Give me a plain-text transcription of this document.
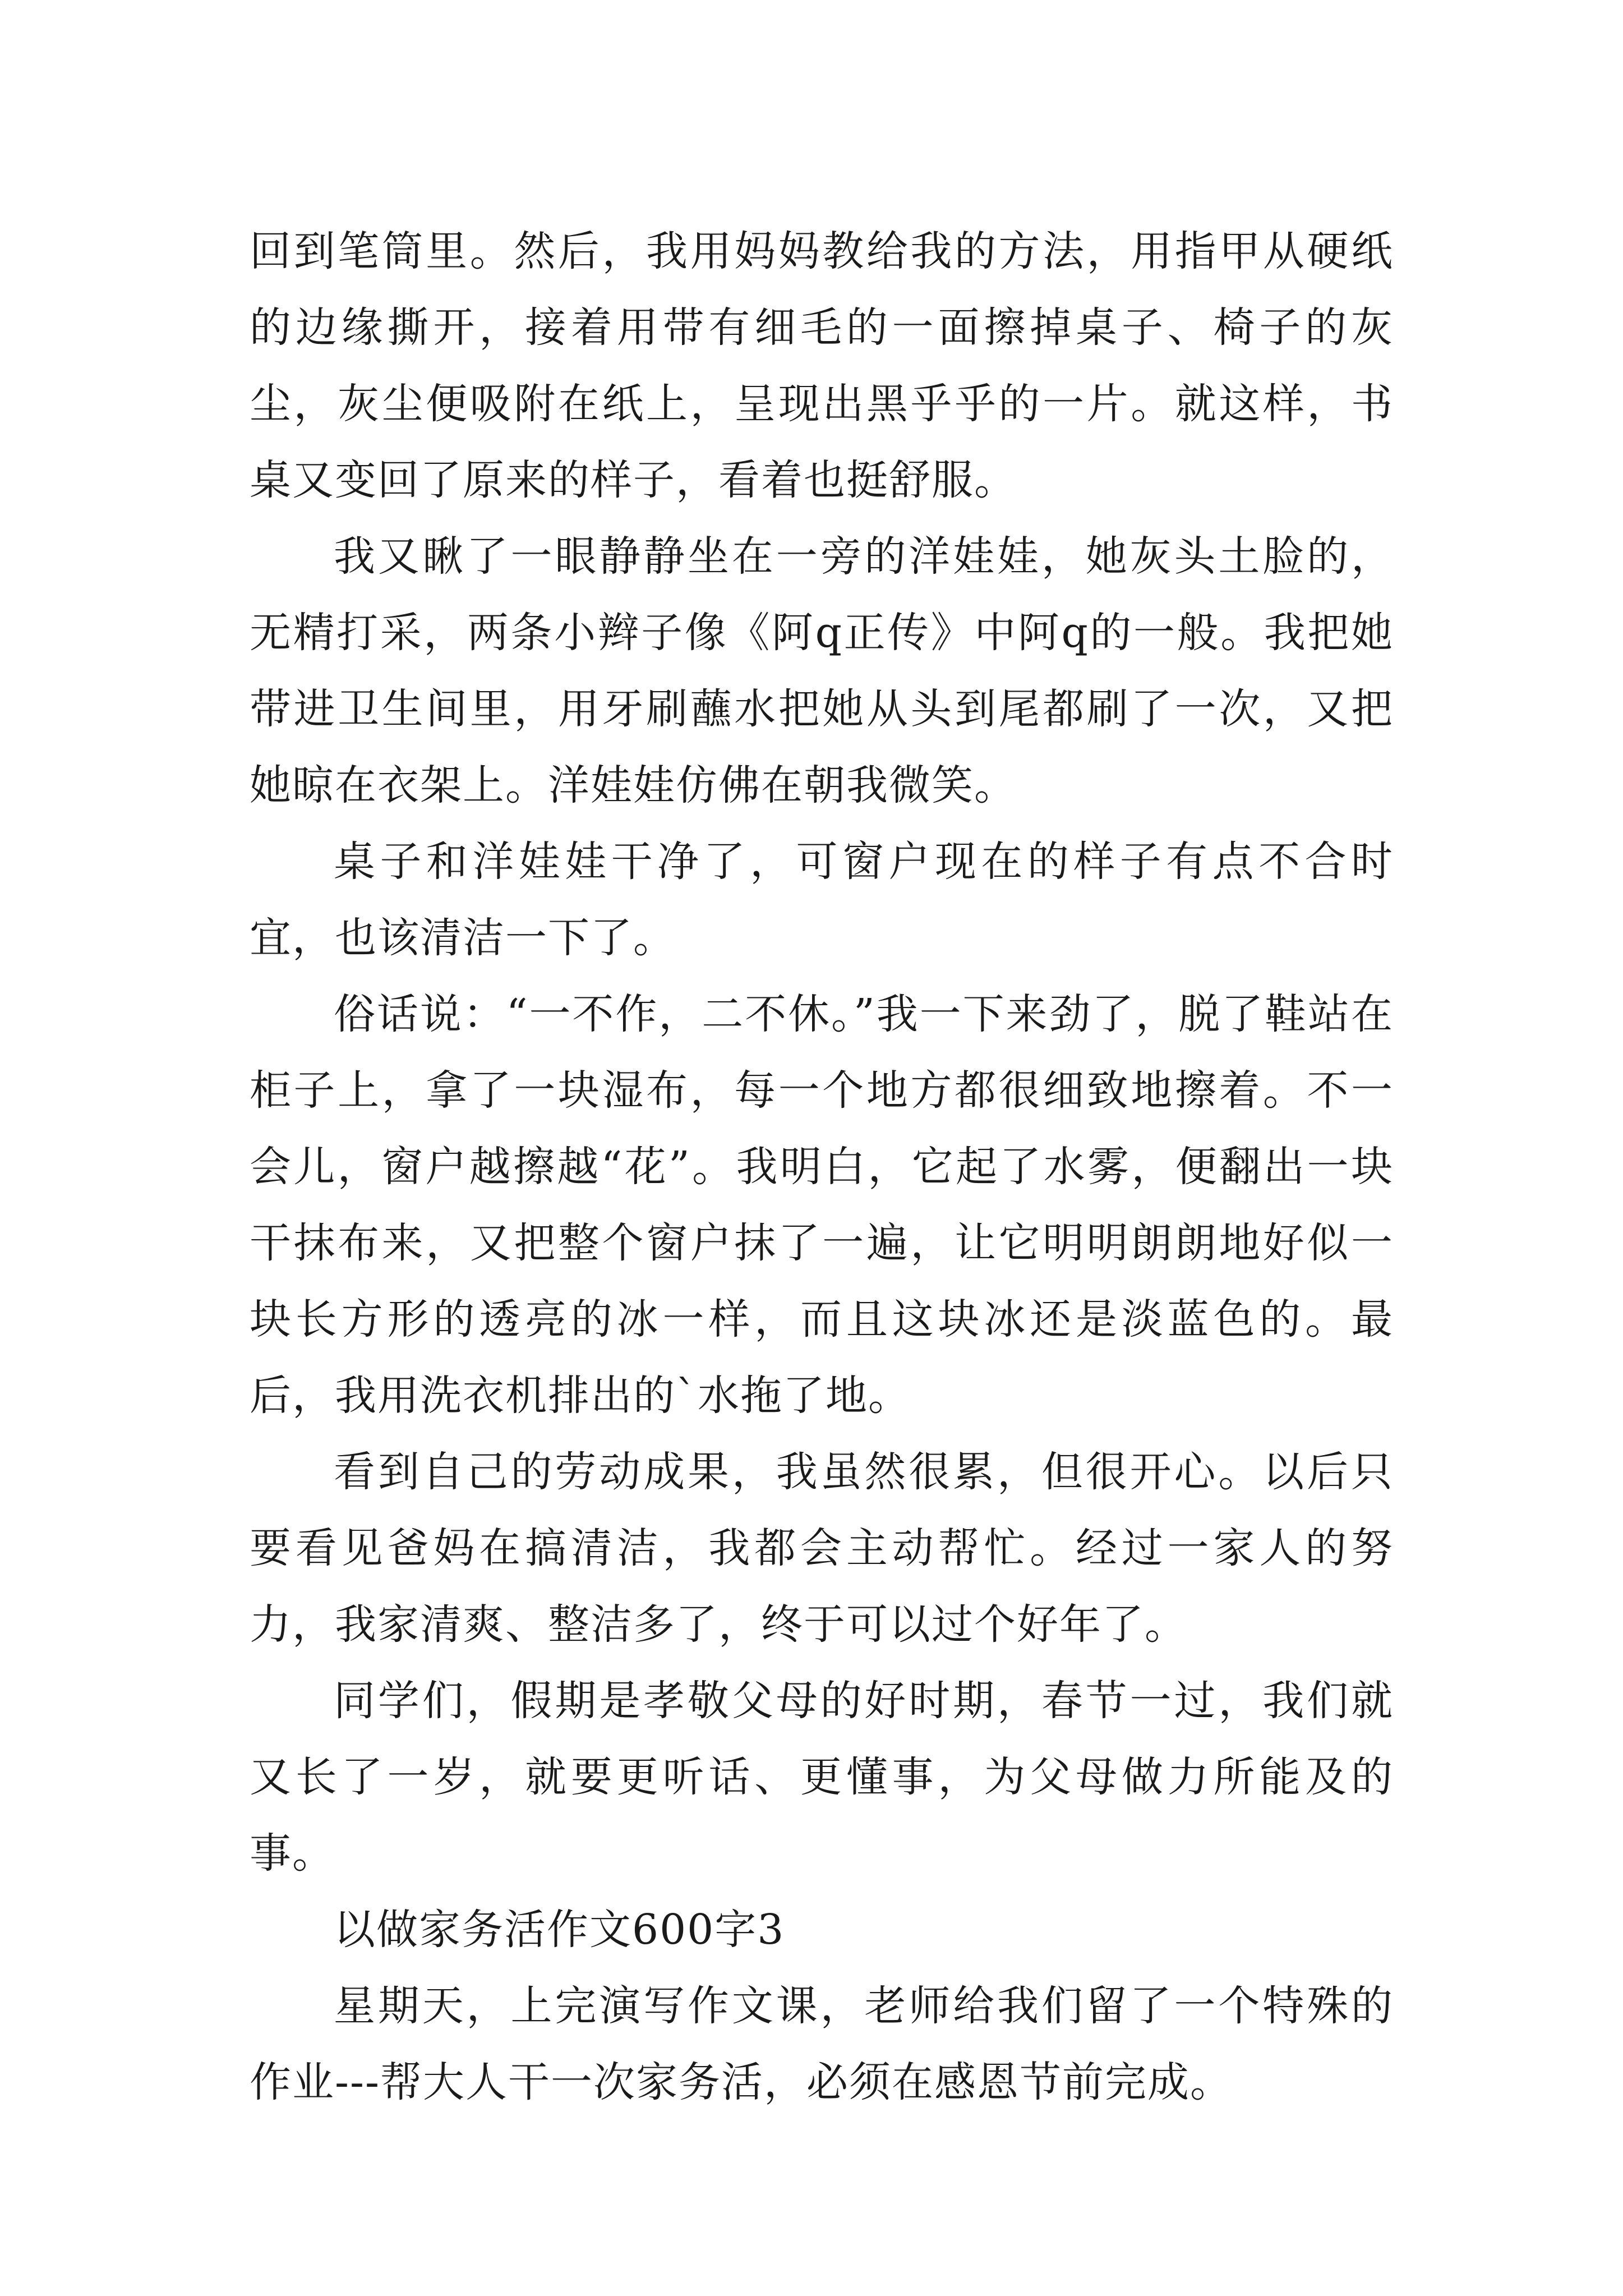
回到笔筒里。然后，我用妈妈教给我的方法，用指甲从硬纸的边缘撕开，接着用带有细毛的一面擦掉桌子、椅子的灰尘，灰尘便吸附在纸上，呈现出黑乎乎的一片。就这样，书桌又变回了原来的样子，看着也挺舒服。

我又瞅了一眼静静坐在一旁的洋娃娃，她灰头土脸的，无精打采，两条小辫子像《阿q正传》中阿q的一般。我把她带进卫生间里，用牙刷蘸水把她从头到尾都刷了一次，又把她晾在衣架上。洋娃娃仿佛在朝我微笑。

桌子和洋娃娃干净了，可窗户现在的样子有点不合时宜，也该清洁一下了。

俗话说：“一不作，二不休。”我一下来劲了，脱了鞋站在柜子上，拿了一块湿布，每一个地方都很细致地擦着。不一会儿，窗户越擦越“花”。我明白，它起了水雾，便翻出一块干抹布来，又把整个窗户抹了一遍，让它明明朗朗地好似一块长方形的透亮的冰一样，而且这块冰还是淡蓝色的。最后，我用洗衣机排出的`水拖了地。

看到自己的劳动成果，我虽然很累，但很开心。以后只要看见爸妈在搞清洁，我都会主动帮忙。经过一家人的努力，我家清爽、整洁多了，终于可以过个好年了。

同学们，假期是孝敬父母的好时期，春节一过，我们就又长了一岁，就要更听话、更懂事，为父母做力所能及的事。

以做家务活作文600字3

星期天，上完演写作文课，老师给我们留了一个特殊的作业---帮大人干一次家务活，必须在感恩节前完成。
